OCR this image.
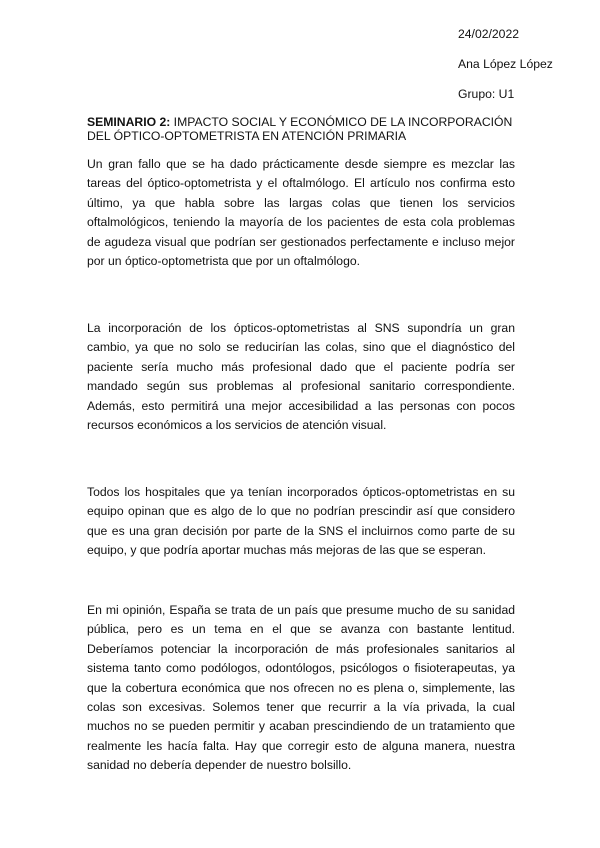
24/02/2022
Ana López López
Grupo: U1
SEMINARIO 2: IMPACTO SOCIAL Y ECONÓMICO DE LA INCORPORACIÓN DEL ÓPTICO-OPTOMETRISTA EN ATENCIÓN PRIMARIA
Un gran fallo que se ha dado prácticamente desde siempre es mezclar las tareas del óptico-optometrista y el oftalmólogo. El artículo nos confirma esto último, ya que habla sobre las largas colas que tienen los servicios oftalmológicos, teniendo la mayoría de los pacientes de esta cola problemas de agudeza visual que podrían ser gestionados perfectamente e incluso mejor por un óptico-optometrista que por un oftalmólogo.
La incorporación de los ópticos-optometristas al SNS supondría un gran cambio, ya que no solo se reducirían las colas, sino que el diagnóstico del paciente sería mucho más profesional dado que el paciente podría ser mandado según sus problemas al profesional sanitario correspondiente. Además, esto permitirá una mejor accesibilidad a las personas con pocos recursos económicos a los servicios de atención visual.
Todos los hospitales que ya tenían incorporados ópticos-optometristas en su equipo opinan que es algo de lo que no podrían prescindir así que considero que es una gran decisión por parte de la SNS el incluirnos como parte de su equipo, y que podría aportar muchas más mejoras de las que se esperan.
En mi opinión, España se trata de un país que presume mucho de su sanidad pública, pero es un tema en el que se avanza con bastante lentitud. Deberíamos potenciar la incorporación de más profesionales sanitarios al sistema tanto como podólogos, odontólogos, psicólogos o fisioterapeutas, ya que la cobertura económica que nos ofrecen no es plena o, simplemente, las colas son excesivas. Solemos tener que recurrir a la vía privada, la cual muchos no se pueden permitir y acaban prescindiendo de un tratamiento que realmente les hacía falta. Hay que corregir esto de alguna manera, nuestra sanidad no debería depender de nuestro bolsillo.
